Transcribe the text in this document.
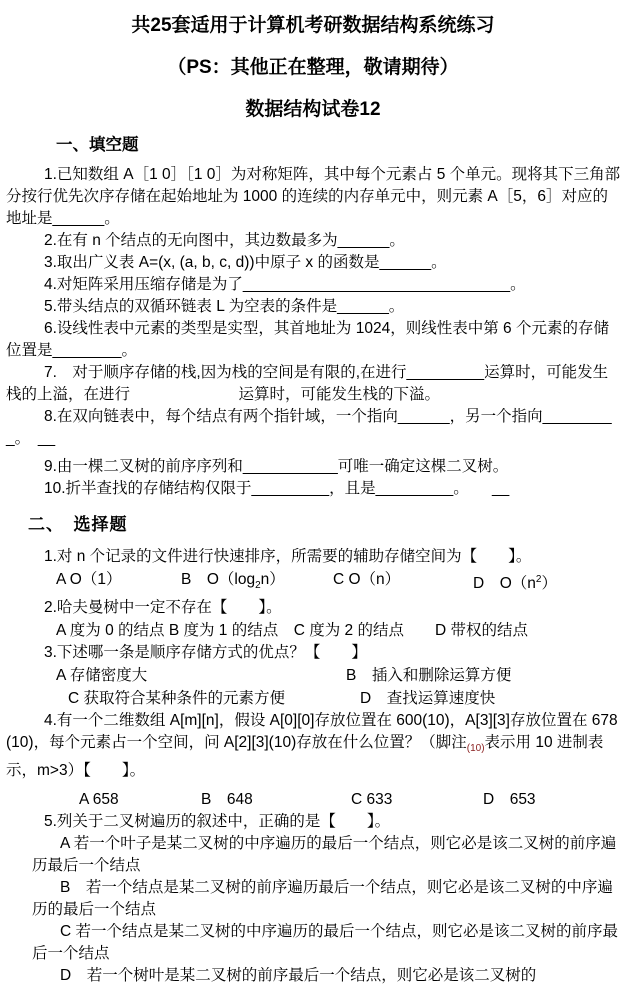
共25套适用于计算机考研数据结构系统练习
（PS：其他正在整理，敬请期待）
数据结构试卷12
一、填空题

1.已知数组 A［1 0］［1 0］为对称矩阵，其中每个元素占 5 个单元。现将其下三角部分按行优先次序存储在起始地址为 1000 的连续的内存单元中，则元素 A［5，6］对应的地址是______。

2.在有 n 个结点的无向图中，其边数最多为______。

3.取出广义表 A=(x, (a, b, c, d))中原子 x 的函数是______。

4.对矩阵采用压缩存储是为了_______________________________。

5.带头结点的双循环链表 L 为空表的条件是______。

6.设线性表中元素的类型是实型，其首地址为 1024，则线性表中第 6 个元素的存储位置是________。

7.　对于顺序存储的栈,因为栈的空间是有限的,在进行_________运算时，可能发生栈的上溢，在进行　　　　　　　运算时，可能发生栈的下溢。

8.在双向链表中，每个结点有两个指针域，一个指向______，另一个指向_________。　__

9.由一棵二叉树的前序序列和___________可唯一确定这棵二叉树。

10.折半查找的存储结构仅限于_________，且是_________。　　__

二、　选择题

1.对 n 个记录的文件进行快速排序，所需要的辅助存储空间为【　　】。

A O（1）	B　$O(\log_2n)$	C O（n）	D　$O(n^2)$

2.哈夫曼树中一定不存在【　　】。

A 度为 0 的结点 B 度为 1 的结点　C 度为 2 的结点　　D 带权的结点

3.下述哪一条是顺序存储方式的优点？【　　】

A 存储密度大	B　插入和删除运算方便
C 获取符合某种条件的元素方便	D　查找运算速度快

4.有一个二维数组 A[m][n]，假设 A[0][0]存放位置在 600(10)，A[3][3]存放位置在 678(10)，每个元素占一个空间，问 A[2][3](10)存放在什么位置？（脚注$_{(10)}$表示用 10 进制表示，m>3）【　　】。

A 658	B　648	C 633	D　653

5.列关于二叉树遍历的叙述中，正确的是【　　】。

A 若一个叶子是某二叉树的中序遍历的最后一个结点，则它必是该二叉树的前序遍历最后一个结点

B　若一个结点是某二叉树的前序遍历最后一个结点，则它必是该二叉树的中序遍历的最后一个结点

C 若一个结点是某二叉树的中序遍历的最后一个结点，则它必是该二叉树的前序最后一个结点

D　若一个树叶是某二叉树的前序最后一个结点，则它必是该二叉树的
